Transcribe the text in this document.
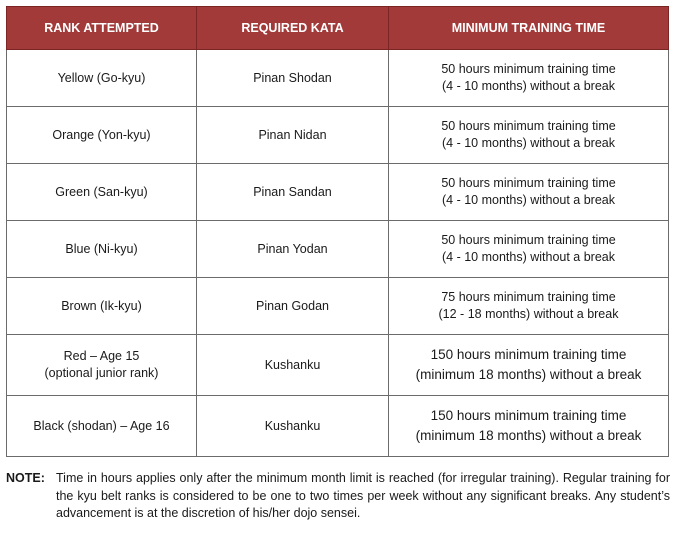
RANK ATTEMPTED	REQUIRED KATA	MINIMUM TRAINING TIME

Yellow (Go-kyu)	Pinan Shodan	50 hours minimum training time
(4 - 10 months) without a break

Orange (Yon-kyu)	Pinan Nidan	50 hours minimum training time
(4 - 10 months) without a break

Green (San-kyu)	Pinan Sandan	50 hours minimum training time
(4 - 10 months) without a break

Blue (Ni-kyu)	Pinan Yodan	50 hours minimum training time
(4 - 10 months) without a break

Brown (Ik-kyu)	Pinan Godan	75 hours minimum training time
(12 - 18 months) without a break

Red – Age 15
(optional junior rank)	Kushanku	150 hours minimum training time
(minimum 18 months) without a break

Black (shodan) – Age 16	Kushanku	150 hours minimum training time
(minimum 18 months) without a break
NOTE: Time in hours applies only after the minimum month limit is reached (for irregular training). Regular training for the kyu belt ranks is considered to be one to two times per week without any significant breaks. Any student’s advancement is at the discretion of his/her dojo sensei.
